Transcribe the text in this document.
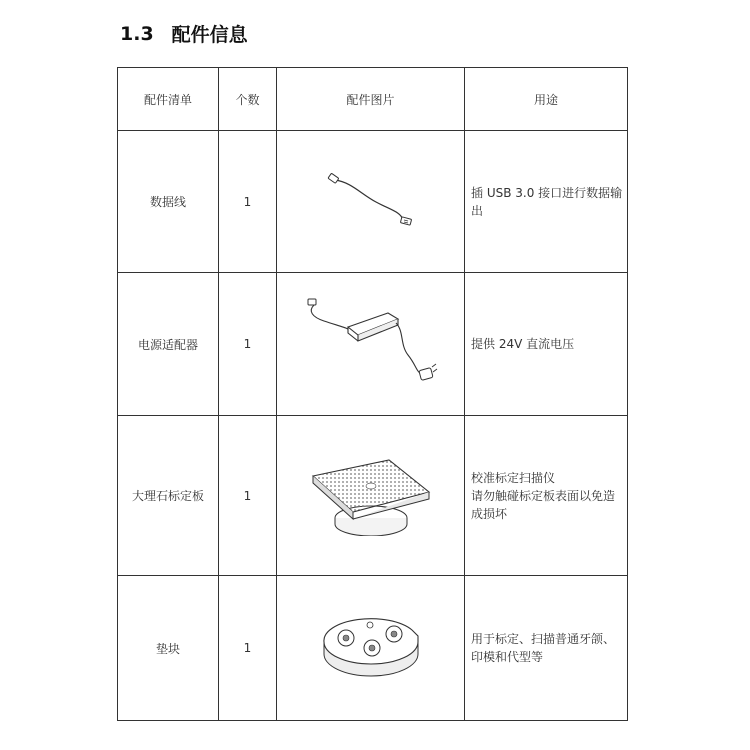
1.3 配件信息
配件清单	个数	配件图片	用途
数据线	1		插 USB 3.0 接口进行数据输
出

电源适配器	1		提供 24V 直流电压

大理石标定板	1		校准标定扫描仪
请勿触碰标定板表面以免造
成损坏

垫块	1		用于标定、扫描普通牙颌、
印模和代型等
